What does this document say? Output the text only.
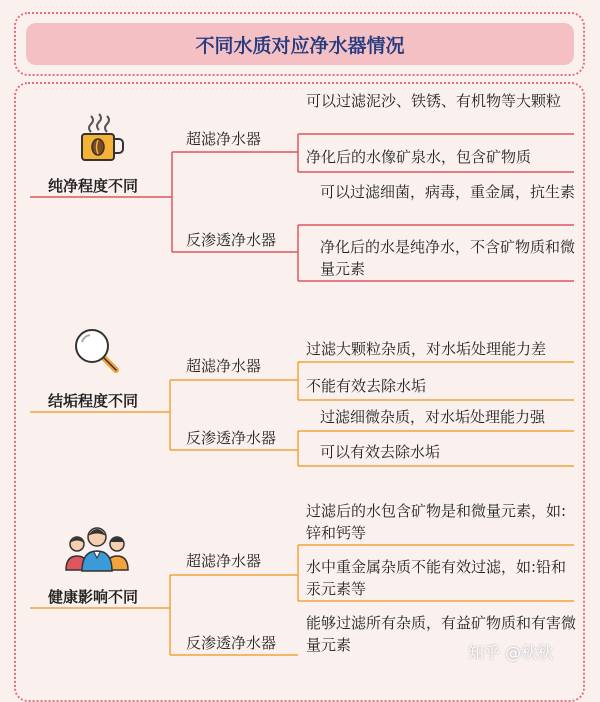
不同水质对应净水器情况
纯净程度不同
超滤净水器
反渗透净水器
可以过滤泥沙、铁锈、有机物等大颗粒
净化后的水像矿泉水，包含矿物质
可以过滤细菌，病毒，重金属，抗生素
净化后的水是纯净水，不含矿物质和微量元素
结垢程度不同
超滤净水器
反渗透净水器
过滤大颗粒杂质，对水垢处理能力差
不能有效去除水垢
过滤细微杂质，对水垢处理能力强
可以有效去除水垢
健康影响不同
超滤净水器
反渗透净水器
过滤后的水包含矿物是和微量元素，如:锌和钙等
水中重金属杂质不能有效过滤，如:铅和汞元素等
能够过滤所有杂质，有益矿物质和有害微量元素	知乎 @秋秋
